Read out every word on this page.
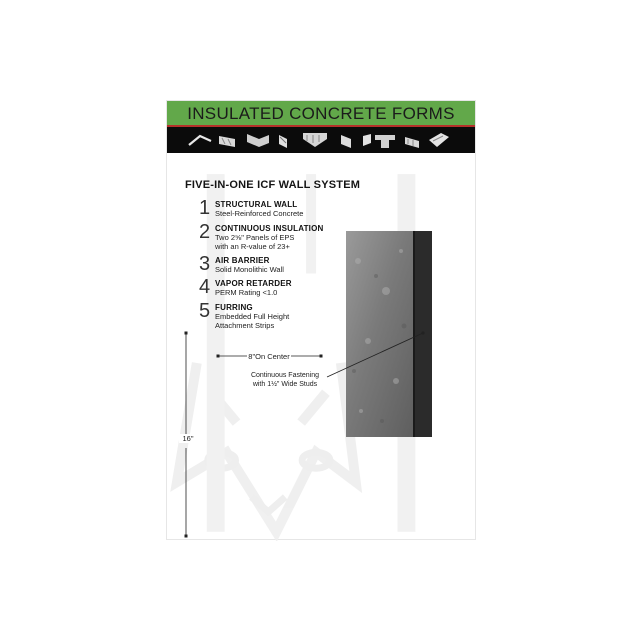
INSULATED CONCRETE FORMS
FIVE-IN-ONE ICF WALL SYSTEM
1 STRUCTURAL WALL
Steel-Reinforced Concrete
2 CONTINUOUS INSULATION
Two 2⅝" Panels of EPS
with an R-value of 23+
3 AIR BARRIER
Solid Monolithic Wall
4 VAPOR RETARDER
PERM Rating <1.0
5 FURRING
Embedded Full Height
Attachment Strips
8"On Center
16"
Continuous Fastening
with 1½" Wide Studs
